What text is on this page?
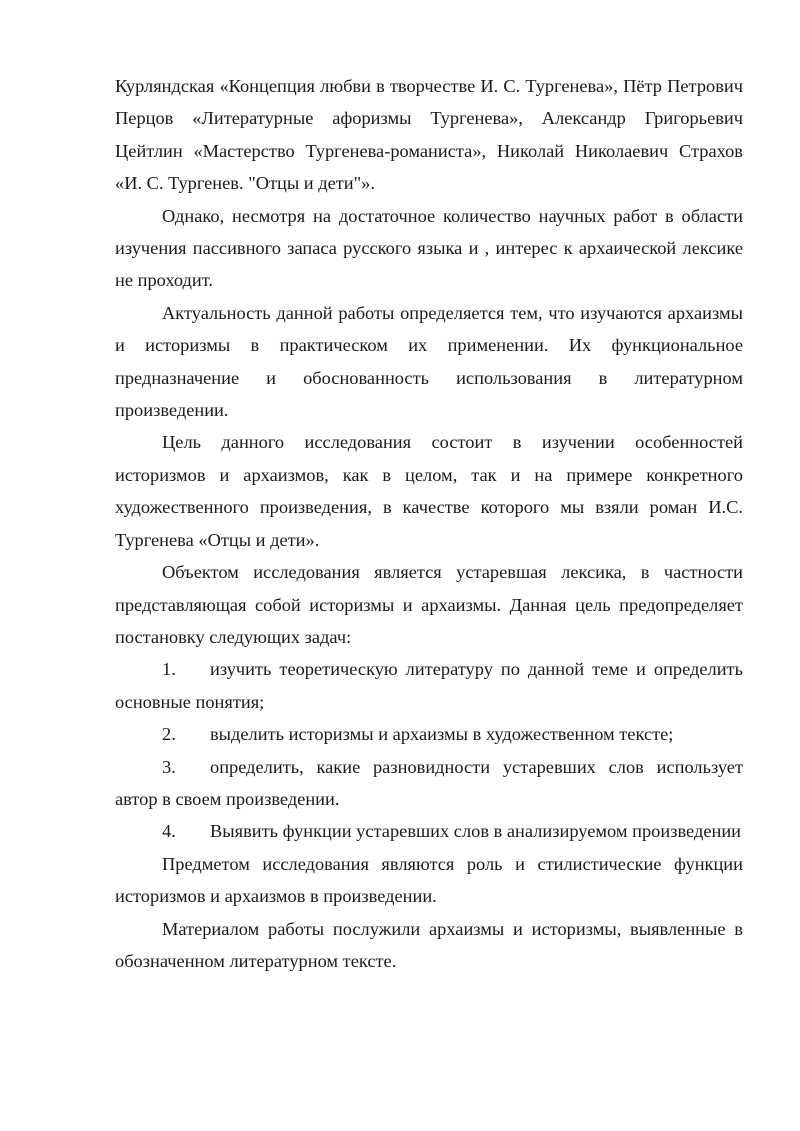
Курляндская «Концепция любви в творчестве И. С. Тургенева», Пётр Петрович Перцов «Литературные афоризмы Тургенева», Александр Григорьевич Цейтлин «Мастерство Тургенева-романиста», Николай Николаевич Страхов «И. С. Тургенев. "Отцы и дети"».

Однако, несмотря на достаточное количество научных работ в области изучения пассивного запаса русского языка и , интерес к архаической лексике не проходит.

Актуальность данной работы определяется тем, что изучаются архаизмы и историзмы в практическом их применении. Их функциональное предназначение и обоснованность использования в литературном произведении.

Цель данного исследования состоит в изучении особенностей историзмов и архаизмов, как в целом, так и на примере конкретного художественного произведения, в качестве которого мы взяли роман И.С. Тургенева «Отцы и дети».

Объектом исследования является устаревшая лексика, в частности представляющая собой историзмы и архаизмы. Данная цель предопределяет постановку следующих задач:

1. изучить теоретическую литературу по данной теме и определить основные понятия;

2. выделить историзмы и архаизмы в художественном тексте;

3. определить, какие разновидности устаревших слов использует автор в своем произведении.

4. Выявить функции устаревших слов в анализируемом произведении

Предметом исследования являются роль и стилистические функции историзмов и архаизмов в произведении.

Материалом работы послужили архаизмы и историзмы, выявленные в обозначенном литературном тексте.
